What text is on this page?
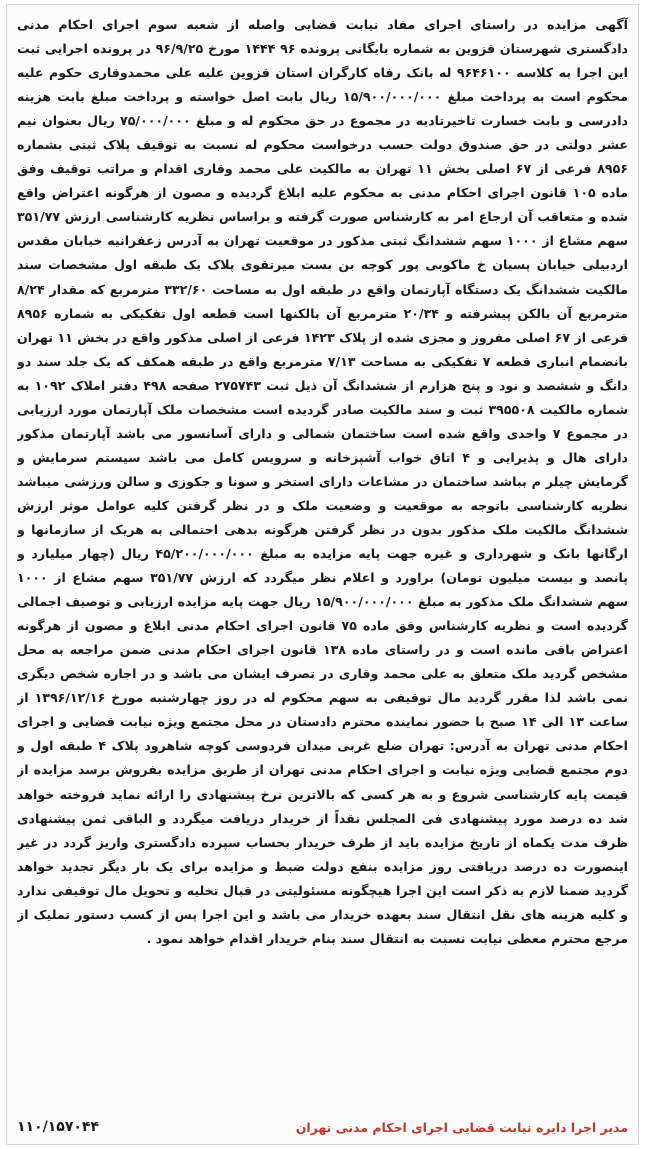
آگهی مزایده در راستای اجرای مفاد نیابت قضایی واصله از شعبه سوم اجرای احکام مدنی دادگستری شهرستان قزوین به شماره بایگانی پرونده ۹۶ ۱۴۴۴ مورخ ۹۶/۹/۲۵ در پرونده اجرایی ثبت این اجرا به کلاسه ۹۶۴۶۱۰۰ له بانک رفاه کارگران استان قزوین علیه علی محمدوقاری حکوم علیه محکوم است به پرداخت مبلغ ۱۵/۹۰۰/۰۰۰/۰۰۰ ریال بابت اصل خواسته و پرداخت مبلغ بابت هزینه دادرسی و بابت خسارت تاخیرتادیه در مجموع در حق محکوم له و مبلغ ۷۵/۰۰۰/۰۰۰ ریال بعنوان نیم عشر دولتی در حق صندوق دولت حسب درخواست محکوم له نسبت به توقیف پلاک ثبتی بشماره ۸۹۵۶ فرعی از ۶۷ اصلی بخش ۱۱ تهران به مالکیت علی محمد وقاری اقدام و مراتب توقیف وفق ماده ۱۰۵ قانون اجرای احکام مدنی به محکوم علیه ابلاغ گردیده و مصون از هرگونه اعتراض واقع شده و متعاقب آن ارجاع امر به کارشناس صورت گرفته و براساس نظریه کارشناسی ارزش ۳۵۱/۷۷ سهم مشاع از ۱۰۰۰ سهم ششدانگ ثبتی مذکور در موقعیت تهران به آدرس زعفرانیه خیابان مقدس اردبیلی خیابان پسیان خ ماکوبی پور کوچه بن بست میرتقوی پلاک یک طبقه اول مشخصات سند مالکیت ششدانگ یک دستگاه آپارتمان واقع در طبقه اول به مساحت ۳۳۲/۶۰ مترمربع که مقدار ۸/۲۴ مترمربع آن بالکن پیشرفته و ۲۰/۳۴ مترمربع آن بالکنها است قطعه اول تفکیکی به شماره ۸۹۵۶ فرعی از ۶۷ اصلی مفروز و مجزی شده از پلاک ۱۴۲۳ فرعی از اصلی مذکور واقع در بخش ۱۱ تهران بانضمام انباری قطعه ۷ تفکیکی به مساحت ۷/۱۳ مترمربع واقع در طبقه همکف که یک جلد سند دو دانگ و ششصد و نود و پنج هزارم از ششدانگ آن ذیل ثبت ۲۷۵۷۴۳ صفحه ۴۹۸ دفتر املاک ۱۰۹۲ به شماره مالکیت ۳۹۵۵۰۸ ثبت و سند مالکیت صادر گردیده است مشخصات ملک آپارتمان مورد ارزیابی در مجموع ۷ واحدی واقع شده است ساختمان شمالی و دارای آسانسور می باشد آپارتمان مذکور دارای هال و پذیرایی و ۴ اتاق خواب آشپزخانه و سرویس کامل می باشد سیستم سرمایش و گرمایش چیلر م بباشد ساختمان در مشاعات دارای استخر و سونا و جکوزی و سالن ورزشی میباشد نظریه کارشناسی باتوجه به موقعیت و وضعیت ملک و در نظر گرفتن کلیه عوامل موثر ارزش ششدانگ مالکیت ملک مذکور بدون در نظر گرفتن هرگونه بدهی احتمالی به هریک از سازمانها و ارگانها بانک و شهرداری و غیره جهت پایه مزایده به مبلغ ۴۵/۲۰۰/۰۰۰/۰۰۰ ریال (چهار میلیارد و پانصد و بیست میلیون تومان) براورد و اعلام نظر میگردد که ارزش ۳۵۱/۷۷ سهم مشاع از ۱۰۰۰ سهم ششدانگ ملک مذکور به مبلغ ۱۵/۹۰۰/۰۰۰/۰۰۰ ریال جهت پایه مزایده ارزیابی و توصیف اجمالی گردیده است و نظریه کارشناس وفق ماده ۷۵ قانون اجرای احکام مدنی ابلاغ و مصون از هرگونه اعتراض باقی مانده است و در راستای ماده ۱۳۸ قانون اجرای احکام مدنی ضمن مراجعه به محل مشخص گردید ملک متعلق به علی محمد وقاری در تصرف ایشان می باشد و در اجاره شخص دیگری نمی باشد لذا مقرر گردید مال توقیفی به سهم محکوم له در روز چهارشنبه مورخ ۱۳۹۶/۱۲/۱۶ از ساعت ۱۳ الی ۱۴ صبح با حضور نماینده محترم دادستان در محل مجتمع ویژه نیابت قضایی و اجرای احکام مدنی تهران به آدرس: تهران ضلع غربی میدان فردوسی کوچه شاهرود پلاک ۴ طبقه اول و دوم مجتمع قضایی ویژه نیابت و اجرای احکام مدنی تهران از طریق مزایده بفروش برسد مزایده از قیمت پایه کارشناسی شروع و به هر کسی که بالاترین نرخ پیشنهادی را ارائه نماید فروخته خواهد شد ده درصد مورد پیشنهادی فی المجلس نقداً از خریدار دریافت میگردد و الباقی ثمن پیشنهادی ظرف مدت یکماه از تاریخ مزایده باید از طرف خریدار بحساب سپرده دادگستری واریز گردد در غیر اینصورت ده درصد دریافتی روز مزایده بنفع دولت ضبط و مزایده برای یک بار دیگر تجدید خواهد گردید ضمنا لازم به ذکر است این اجرا هیچگونه مسئولیتی در قبال تخلیه و تحویل مال توقیفی ندارد و کلیه هزینه های نقل انتقال سند بعهده خریدار می باشد و این اجرا پس از کسب دستور تملیک از مرجع محترم معطی نیابت نسبت به انتقال سند بنام خریدار اقدام خواهد نمود .
مدیر اجرا دایره نیابت قضایی اجرای احکام مدنی تهران
۱۱۰/۱۵۷۰۴۴
